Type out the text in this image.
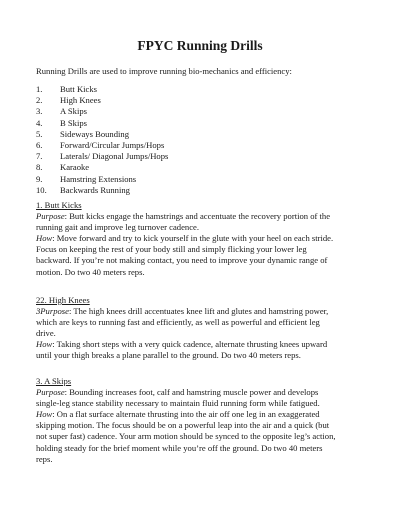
FPYC Running Drills
Running Drills are used to improve running bio-mechanics and efficiency:
1. Butt Kicks
2. High Knees
3. A Skips
4. B Skips
5. Sideways Bounding
6. Forward/Circular Jumps/Hops
7. Laterals/ Diagonal Jumps/Hops
8. Karaoke
9. Hamstring Extensions
10. Backwards Running
1. Butt Kicks

Purpose: Butt kicks engage the hamstrings and accentuate the recovery portion of the
running gait and improve leg turnover cadence.

How: Move forward and try to kick yourself in the glute with your heel on each stride.
Focus on keeping the rest of your body still and simply flicking your lower leg
backward. If you’re not making contact, you need to improve your dynamic range of
motion. Do two 40 meters reps.

22. High Knees

3Purpose: The high knees drill accentuates knee lift and glutes and hamstring power,
which are keys to running fast and efficiently, as well as powerful and efficient leg
drive.

How: Taking short steps with a very quick cadence, alternate thrusting knees upward
until your thigh breaks a plane parallel to the ground. Do two 40 meters reps.

3. A Skips

Purpose: Bounding increases foot, calf and hamstring muscle power and develops
single-leg stance stability necessary to maintain fluid running form while fatigued.

How: On a flat surface alternate thrusting into the air off one leg in an exaggerated
skipping motion. The focus should be on a powerful leap into the air and a quick (but
not super fast) cadence. Your arm motion should be synced to the opposite leg’s action,
holding steady for the brief moment while you’re off the ground. Do two 40 meters
reps.
